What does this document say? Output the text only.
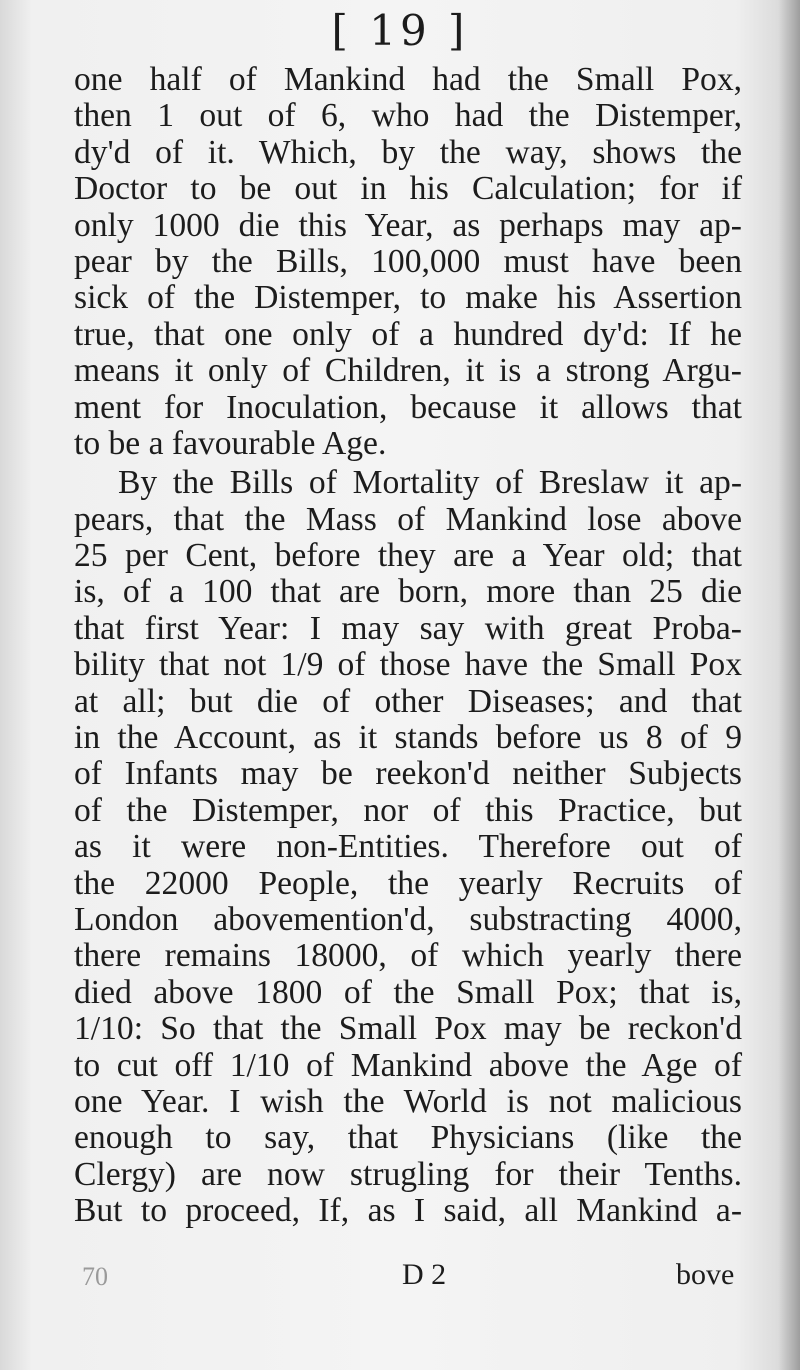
[ 19 ]
one half of Mankind had the Small Pox,
then 1 out of 6, who had the Distemper,
dy'd of it. Which, by the way, shows the
Doctor to be out in his Calculation; for if
only 1000 die this Year, as perhaps may ap-
pear by the Bills, 100,000 must have been
sick of the Distemper, to make his Assertion
true, that one only of a hundred dy'd: If he
means it only of Children, it is a strong Argu-
ment for Inoculation, because it allows that
to be a favourable Age.
By the Bills of Mortality of Breslaw it ap-
pears, that the Mass of Mankind lose above
25 per Cent, before they are a Year old; that
is, of a 100 that are born, more than 25 die
that first Year: I may say with great Proba-
bility that not 1/9 of those have the Small Pox
at all; but die of other Diseases; and that
in the Account, as it stands before us 8 of 9
of Infants may be reekon'd neither Subjects
of the Distemper, nor of this Practice, but
as it were non-Entities. Therefore out of
the 22000 People, the yearly Recruits of
London abovemention'd, substracting 4000,
there remains 18000, of which yearly there
died above 1800 of the Small Pox; that is,
1/10: So that the Small Pox may be reckon'd
to cut off 1/10 of Mankind above the Age of
one Year. I wish the World is not malicious
enough to say, that Physicians (like the
Clergy) are now strugling for their Tenths.
But to proceed, If, as I said, all Mankind a-
70	D 2	bove
